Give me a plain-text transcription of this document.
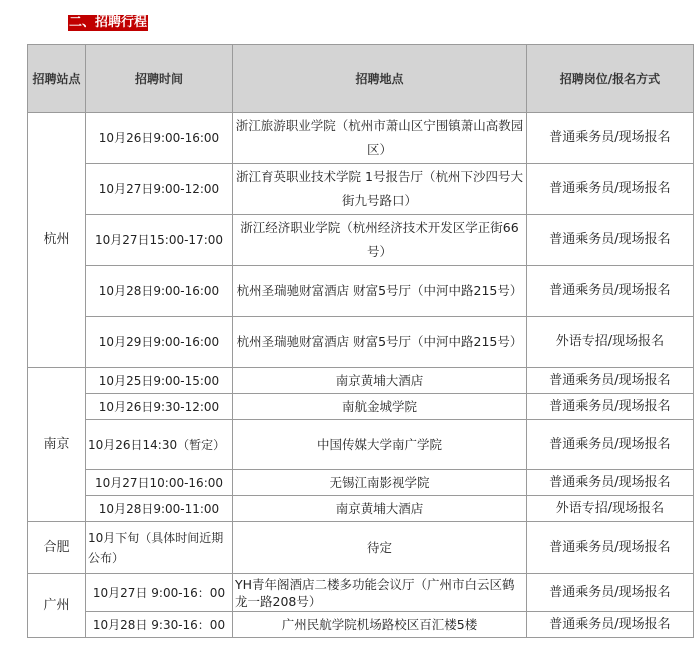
二、招聘行程
招聘站点	招聘时间	招聘地点	招聘岗位/报名方式
杭州	10月26日9:00-16:00	浙江旅游职业学院（杭州市萧山区宁围镇萧山高教园区）	普通乘务员/现场报名
	10月27日9:00-12:00	浙江育英职业技术学院 1号报告厅（杭州下沙四号大街九号路口）	普通乘务员/现场报名
	10月27日15:00-17:00	浙江经济职业学院（杭州经济技术开发区学正街66号）	普通乘务员/现场报名
	10月28日9:00-16:00	杭州圣瑞驰财富酒店 财富5号厅（中河中路215号）	普通乘务员/现场报名
	10月29日9:00-16:00	杭州圣瑞驰财富酒店 财富5号厅（中河中路215号）	外语专招/现场报名
南京	10月25日9:00-15:00	南京黄埔大酒店	普通乘务员/现场报名
	10月26日9:30-12:00	南航金城学院	普通乘务员/现场报名
	10月26日14:30（暂定）	中国传媒大学南广学院	普通乘务员/现场报名
	10月27日10:00-16:00	无锡江南影视学院	普通乘务员/现场报名
	10月28日9:00-11:00	南京黄埔大酒店	外语专招/现场报名
合肥	10月下旬（具体时间近期公布）	待定	普通乘务员/现场报名
广州	10月27日 9:00-16：00	YH青年阁酒店二楼多功能会议厅（广州市白云区鹤龙一路208号）	普通乘务员/现场报名
	10月28日 9:30-16：00	广州民航学院机场路校区百汇楼5楼	普通乘务员/现场报名
